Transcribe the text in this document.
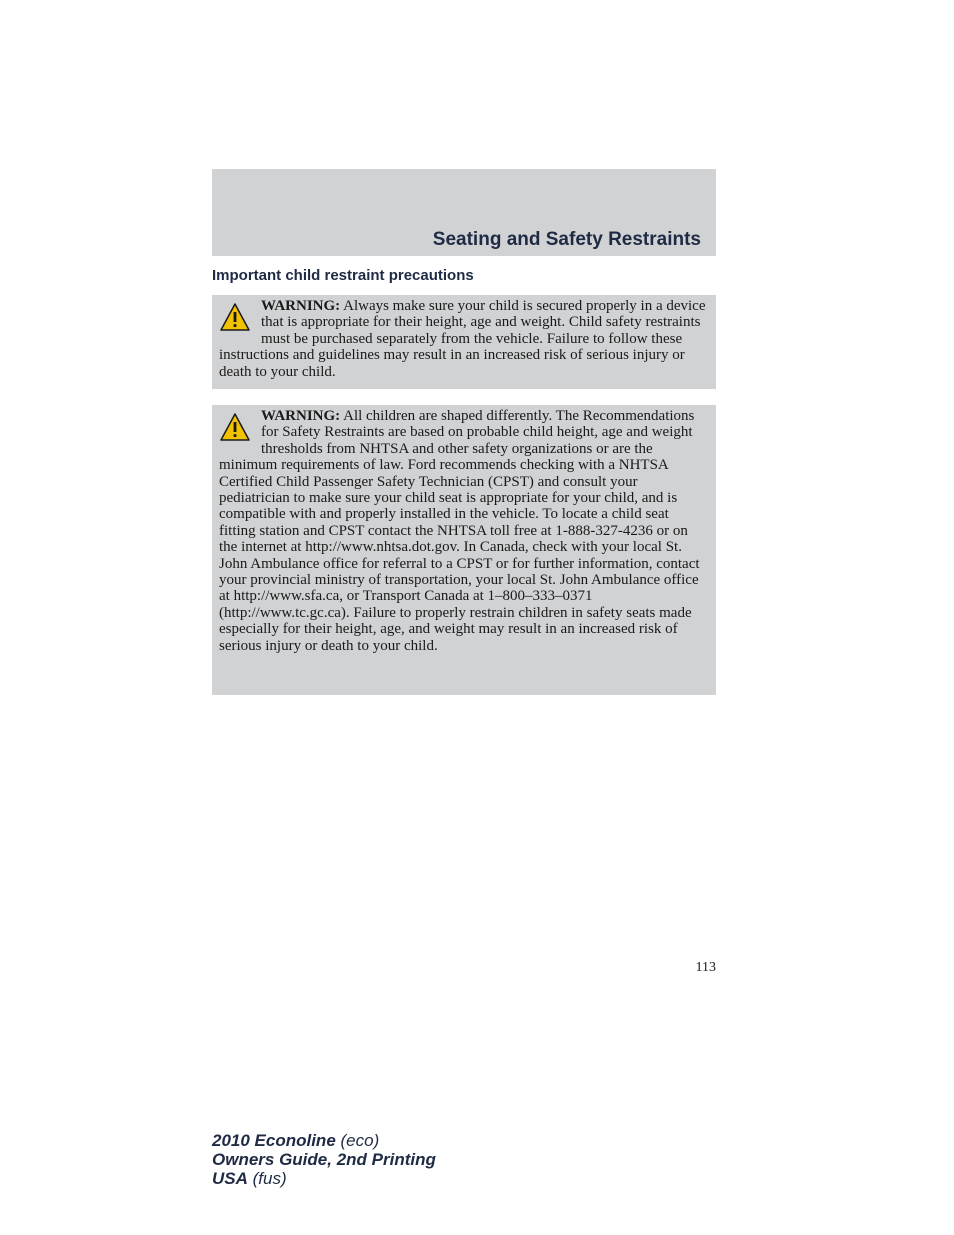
Seating and Safety Restraints
Important child restraint precautions
WARNING: Always make sure your child is secured properly in a device that is appropriate for their height, age and weight. Child safety restraints must be purchased separately from the vehicle. Failure to follow these instructions and guidelines may result in an increased risk of serious injury or death to your child.
WARNING: All children are shaped differently. The Recommendations for Safety Restraints are based on probable child height, age and weight thresholds from NHTSA and other safety organizations or are the minimum requirements of law. Ford recommends checking with a NHTSA Certified Child Passenger Safety Technician (CPST) and consult your pediatrician to make sure your child seat is appropriate for your child, and is compatible with and properly installed in the vehicle. To locate a child seat fitting station and CPST contact the NHTSA toll free at 1-888-327-4236 or on the internet at http://www.nhtsa.dot.gov. In Canada, check with your local St. John Ambulance office for referral to a CPST or for further information, contact your provincial ministry of transportation, your local St. John Ambulance office at http://www.sfa.ca, or Transport Canada at 1–800–333–0371 (http://www.tc.gc.ca). Failure to properly restrain children in safety seats made especially for their height, age, and weight may result in an increased risk of serious injury or death to your child.
113
2010 Econoline (eco)
Owners Guide, 2nd Printing
USA (fus)
